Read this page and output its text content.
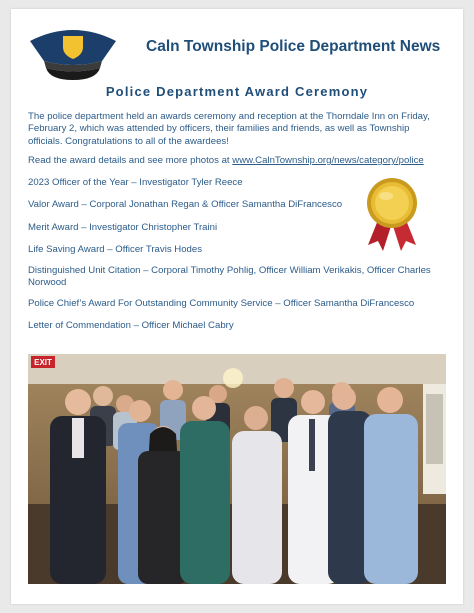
Caln Township Police Department News
Police Department Award Ceremony
The police department held an awards ceremony and reception at the Thorndale Inn on Friday, February 2, which was attended by officers, their families and friends, as well as Township officials. Congratulations to all of the awardees!
Read the award details and see more photos at www.CalnTownship.org/news/category/police
2023 Officer of the Year – Investigator Tyler Reece
Valor Award – Corporal Jonathan Regan & Officer Samantha DiFrancesco
Merit Award – Investigator Christopher Traini
Life Saving Award – Officer Travis Hodes
Distinguished Unit Citation – Corporal Timothy Pohlig, Officer William Verikakis, Officer Charles Norwood
Police Chief’s Award For Outstanding Community Service – Officer Samantha DiFrancesco
Letter of Commendation – Officer Michael Cabry
EXIT
